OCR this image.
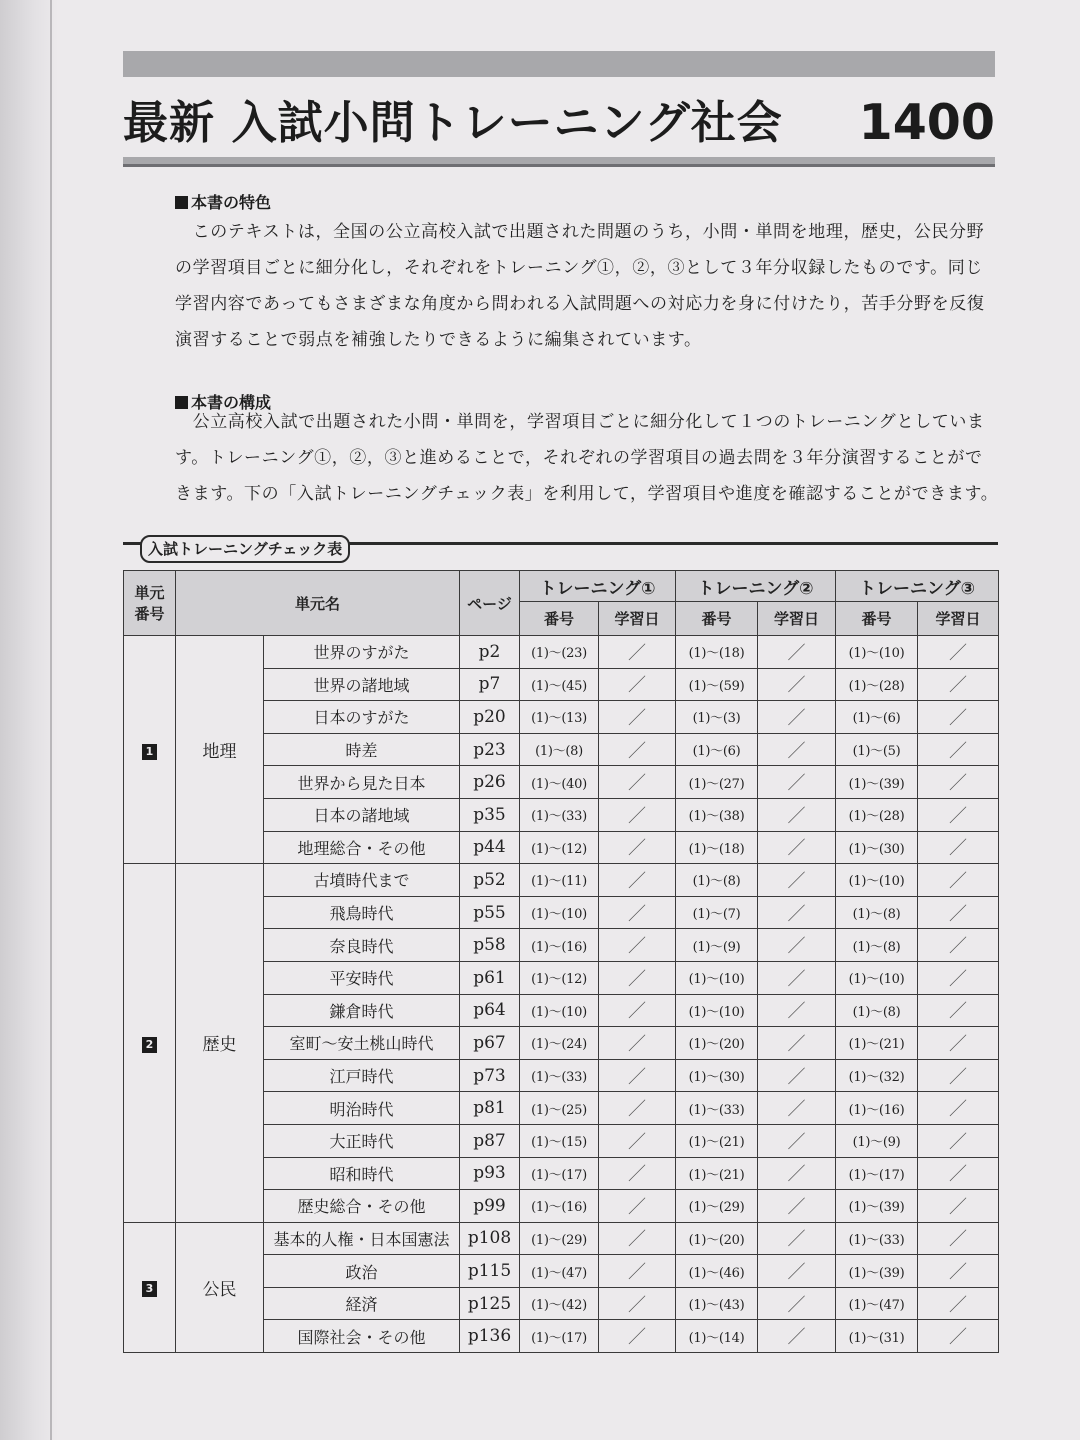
最新 入試小問トレーニング社会 1400
本書の特色
　このテキストは，全国の公立高校入試で出題された問題のうち，小問・単問を地理，歴史，公民分野
の学習項目ごとに細分化し，それぞれをトレーニング①，②，③として３年分収録したものです。同じ
学習内容であってもさまざまな角度から問われる入試問題への対応力を身に付けたり，苦手分野を反復
演習することで弱点を補強したりできるように編集されています。
本書の構成
　公立高校入試で出題された小問・単問を，学習項目ごとに細分化して１つのトレーニングとしていま
す。トレーニング①，②，③と進めることで，それぞれの学習項目の過去問を３年分演習することがで
きます。下の「入試トレーニングチェック表」を利用して，学習項目や進度を確認することができます。
入試トレーニングチェック表
単元
番号	単元名		ページ	トレーニング①		トレーニング②		トレーニング③	
				番号	学習日	番号	学習日	番号	学習日
1	地理	世界のすがた	p2	(1)～(23)	／	(1)～(18)	／	(1)～(10)	／
		世界の諸地域	p7	(1)～(45)	／	(1)～(59)	／	(1)～(28)	／
		日本のすがた	p20	(1)～(13)	／	(1)～(3)	／	(1)～(6)	／
		時差	p23	(1)～(8)	／	(1)～(6)	／	(1)～(5)	／
		世界から見た日本	p26	(1)～(40)	／	(1)～(27)	／	(1)～(39)	／
		日本の諸地域	p35	(1)～(33)	／	(1)～(38)	／	(1)～(28)	／
		地理総合・その他	p44	(1)～(12)	／	(1)～(18)	／	(1)～(30)	／
2	歴史	古墳時代まで	p52	(1)～(11)	／	(1)～(8)	／	(1)～(10)	／
		飛鳥時代	p55	(1)～(10)	／	(1)～(7)	／	(1)～(8)	／
		奈良時代	p58	(1)～(16)	／	(1)～(9)	／	(1)～(8)	／
		平安時代	p61	(1)～(12)	／	(1)～(10)	／	(1)～(10)	／
		鎌倉時代	p64	(1)～(10)	／	(1)～(10)	／	(1)～(8)	／
		室町～安土桃山時代	p67	(1)～(24)	／	(1)～(20)	／	(1)～(21)	／
		江戸時代	p73	(1)～(33)	／	(1)～(30)	／	(1)～(32)	／
		明治時代	p81	(1)～(25)	／	(1)～(33)	／	(1)～(16)	／
		大正時代	p87	(1)～(15)	／	(1)～(21)	／	(1)～(9)	／
		昭和時代	p93	(1)～(17)	／	(1)～(21)	／	(1)～(17)	／
		歴史総合・その他	p99	(1)～(16)	／	(1)～(29)	／	(1)～(39)	／
3	公民	基本的人権・日本国憲法	p108	(1)～(29)	／	(1)～(20)	／	(1)～(33)	／
		政治	p115	(1)～(47)	／	(1)～(46)	／	(1)～(39)	／
		経済	p125	(1)～(42)	／	(1)～(43)	／	(1)～(47)	／
		国際社会・その他	p136	(1)～(17)	／	(1)～(14)	／	(1)～(31)	／
